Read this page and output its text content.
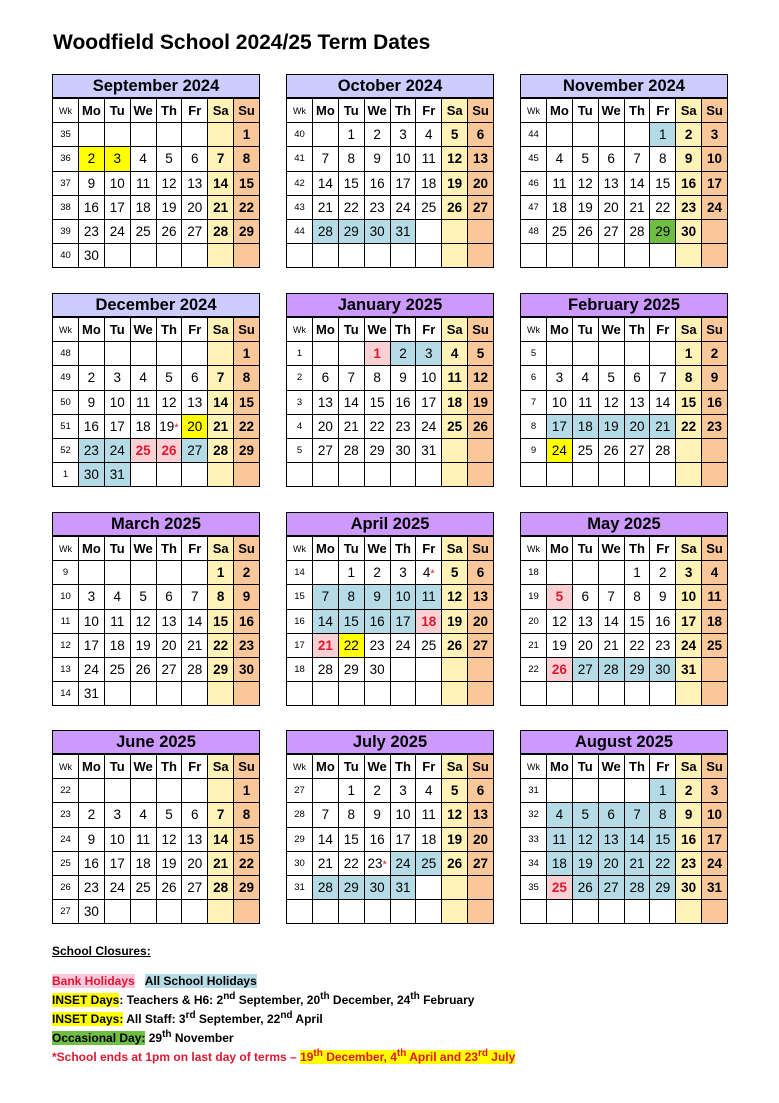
Woodfield School 2024/25 Term Dates
September 2024
Wk	Mo	Tu	We	Th	Fr	Sa	Su
35							1
36	2	3	4	5	6	7	8
37	9	10	11	12	13	14	15
38	16	17	18	19	20	21	22
39	23	24	25	26	27	28	29
40	30						
October 2024
Wk	Mo	Tu	We	Th	Fr	Sa	Su
40		1	2	3	4	5	6
41	7	8	9	10	11	12	13
42	14	15	16	17	18	19	20
43	21	22	23	24	25	26	27
44	28	29	30	31			

November 2024
Wk	Mo	Tu	We	Th	Fr	Sa	Su
44					1	2	3
45	4	5	6	7	8	9	10
46	11	12	13	14	15	16	17
47	18	19	20	21	22	23	24
48	25	26	27	28	29	30	

December 2024
Wk	Mo	Tu	We	Th	Fr	Sa	Su
48							1
49	2	3	4	5	6	7	8
50	9	10	11	12	13	14	15
51	16	17	18	19*	20	21	22
52	23	24	25	26	27	28	29
1	30	31					
January 2025
Wk	Mo	Tu	We	Th	Fr	Sa	Su
1			1	2	3	4	5
2	6	7	8	9	10	11	12
3	13	14	15	16	17	18	19
4	20	21	22	23	24	25	26
5	27	28	29	30	31		

February 2025
Wk	Mo	Tu	We	Th	Fr	Sa	Su
5						1	2
6	3	4	5	6	7	8	9
7	10	11	12	13	14	15	16
8	17	18	19	20	21	22	23
9	24	25	26	27	28		

March 2025
Wk	Mo	Tu	We	Th	Fr	Sa	Su
9						1	2
10	3	4	5	6	7	8	9
11	10	11	12	13	14	15	16
12	17	18	19	20	21	22	23
13	24	25	26	27	28	29	30
14	31						
April 2025
Wk	Mo	Tu	We	Th	Fr	Sa	Su
14		1	2	3	4*	5	6
15	7	8	9	10	11	12	13
16	14	15	16	17	18	19	20
17	21	22	23	24	25	26	27
18	28	29	30				

May 2025
Wk	Mo	Tu	We	Th	Fr	Sa	Su
18				1	2	3	4
19	5	6	7	8	9	10	11
20	12	13	14	15	16	17	18
21	19	20	21	22	23	24	25
22	26	27	28	29	30	31	

June 2025
Wk	Mo	Tu	We	Th	Fr	Sa	Su
22							1
23	2	3	4	5	6	7	8
24	9	10	11	12	13	14	15
25	16	17	18	19	20	21	22
26	23	24	25	26	27	28	29
27	30						
July 2025
Wk	Mo	Tu	We	Th	Fr	Sa	Su
27		1	2	3	4	5	6
28	7	8	9	10	11	12	13
29	14	15	16	17	18	19	20
30	21	22	23*	24	25	26	27
31	28	29	30	31			

August 2025
Wk	Mo	Tu	We	Th	Fr	Sa	Su
31					1	2	3
32	4	5	6	7	8	9	10
33	11	12	13	14	15	16	17
34	18	19	20	21	22	23	24
35	25	26	27	28	29	30	31

School Closures:
Bank Holidays All School Holidays
INSET Days: Teachers & H6: 2nd September, 20th December, 24th February
INSET Days: All Staff: 3rd September, 22nd April
Occasional Day: 29th November
*School ends at 1pm on last day of terms – 19th December, 4th April and 23rd July
